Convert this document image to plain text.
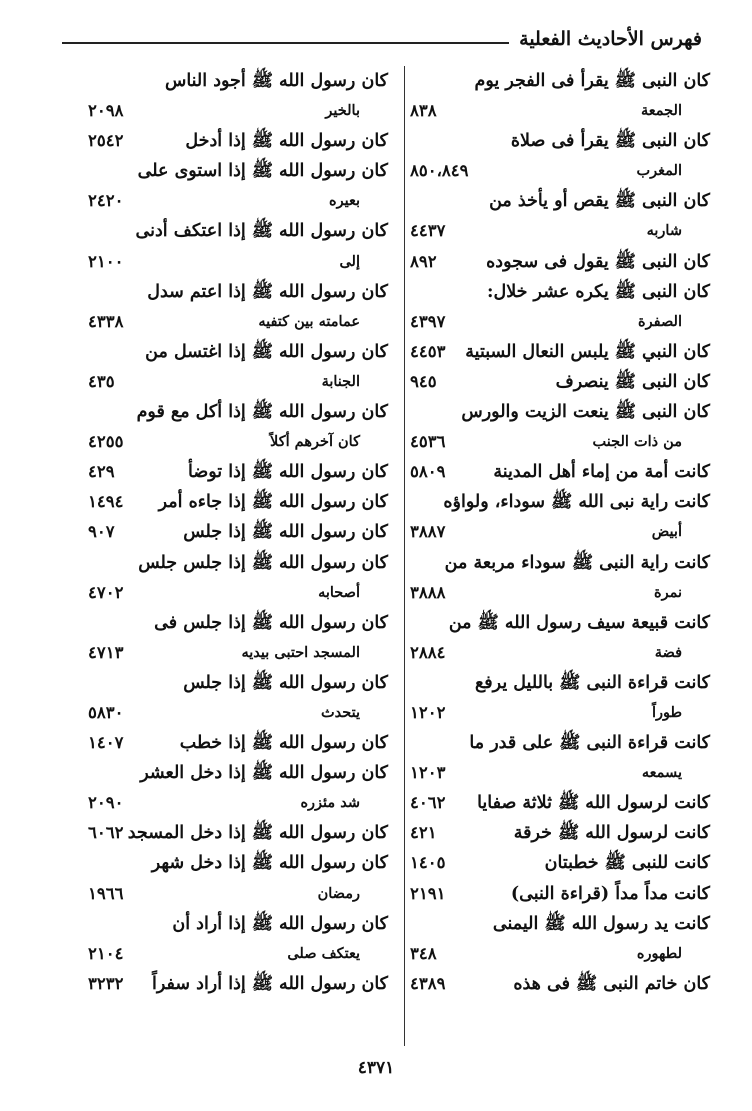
فهرس الأحاديث الفعلية
كان النبى ﷺ يقرأ فى الفجر يوم
الجمعة
٨٣٨
كان النبى ﷺ يقرأ فى صلاة
المغرب
٨٥٠،٨٤٩
كان النبى ﷺ يقص أو يأخذ من
شاربه
٤٤٣٧
كان النبى ﷺ يقول فى سجوده
٨٩٢
كان النبى ﷺ يكره عشر خلال:
الصفرة
٤٣٩٧
كان النبي ﷺ يلبس النعال السبتية
٤٤٥٣
كان النبى ﷺ ينصرف
٩٤٥
كان النبى ﷺ ينعت الزيت والورس
من ذات الجنب
٤٥٣٦
كانت أمة من إماء أهل المدينة
٥٨٠٩
كانت راية نبى الله ﷺ سوداء، ولواؤه
أبيض
٣٨٨٧
كانت راية النبى ﷺ سوداء مربعة من
نمرة
٣٨٨٨
كانت قبيعة سيف رسول الله ﷺ من
فضة
٢٨٨٤
كانت قراءة النبى ﷺ بالليل يرفع
طوراً
١٢٠٢
كانت قراءة النبى ﷺ على قدر ما
يسمعه
١٢٠٣
كانت لرسول الله ﷺ ثلاثة صفايا
٤٠٦٢
كانت لرسول الله ﷺ خرقة
٤٢١
كانت للنبى ﷺ خطبتان
١٤٠٥
كانت مداً مداً (قراءة النبى)
٢١٩١
كانت يد رسول الله ﷺ اليمنى
لطهوره
٣٤٨
كان خاتم النبى ﷺ فى هذه
٤٣٨٩
كان رسول الله ﷺ أجود الناس
بالخير
٢٠٩٨
كان رسول الله ﷺ إذا أدخل
٢٥٤٢
كان رسول الله ﷺ إذا استوى على
بعيره
٢٤٢٠
كان رسول الله ﷺ إذا اعتكف أدنى
إلى
٢١٠٠
كان رسول الله ﷺ إذا اعتم سدل
عمامته بين كتفيه
٤٣٣٨
كان رسول الله ﷺ إذا اغتسل من
الجنابة
٤٣٥
كان رسول الله ﷺ إذا أكل مع قوم
كان آخرهم أكلاً
٤٢٥٥
كان رسول الله ﷺ إذا توضأ
٤٢٩
كان رسول الله ﷺ إذا جاءه أمر
١٤٩٤
كان رسول الله ﷺ إذا جلس
٩٠٧
كان رسول الله ﷺ إذا جلس جلس
أصحابه
٤٧٠٢
كان رسول الله ﷺ إذا جلس فى
المسجد احتبى بيديه
٤٧١٣
كان رسول الله ﷺ إذا جلس
يتحدث
٥٨٣٠
كان رسول الله ﷺ إذا خطب
١٤٠٧
كان رسول الله ﷺ إذا دخل العشر
شد مئزره
٢٠٩٠
كان رسول الله ﷺ إذا دخل المسجد
٦٠٦٢
كان رسول الله ﷺ إذا دخل شهر
رمضان
١٩٦٦
كان رسول الله ﷺ إذا أراد أن
يعتكف صلى
٢١٠٤
كان رسول الله ﷺ إذا أراد سفراً
٣٢٣٢
٤٣٧١
